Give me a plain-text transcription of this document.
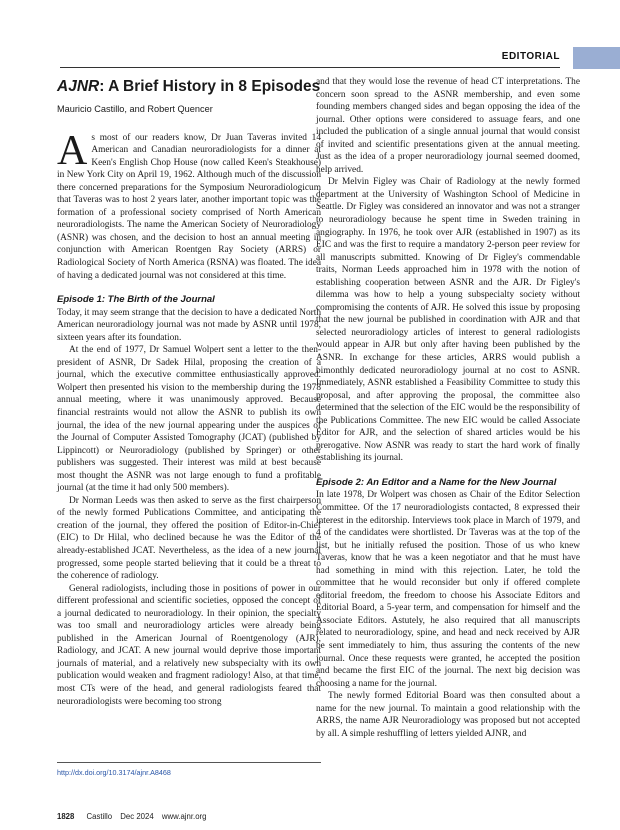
EDITORIAL
AJNR: A Brief History in 8 Episodes
Mauricio Castillo, and Robert Quencer

As most of our readers know, Dr Juan Taveras invited 14 American and Canadian neuroradiologists for a dinner at Keen's English Chop House (now called Keen's Steakhouse) in New York City on April 19, 1962. Although much of the discussion there concerned preparations for the Symposium Neuroradiologicum that Taveras was to host 2 years later, another important topic was the formation of a professional society comprised of North American neuroradiologists. The name the American Society of Neuroradiology (ASNR) was chosen, and the decision to host an annual meeting in conjunction with American Roentgen Ray Society (ARRS) or Radiological Society of North America (RSNA) was floated. The idea of having a dedicated journal was not considered at this time.

Episode 1: The Birth of the Journal

Today, it may seem strange that the decision to have a dedicated North American neuroradiology journal was not made by ASNR until 1978, sixteen years after its foundation.

At the end of 1977, Dr Samuel Wolpert sent a letter to the then-president of ASNR, Dr Sadek Hilal, proposing the creation of a journal, which the executive committee enthusiastically approved. Wolpert then presented his vision to the membership during the 1978 annual meeting, where it was unanimously approved. Because financial restraints would not allow the ASNR to publish its own journal, the idea of the new journal appearing under the auspices of the Journal of Computer Assisted Tomography (JCAT) (published by Lippincott) or Neuroradiology (published by Springer) or other publishers was suggested. Their interest was mild at best because most thought the ASNR was not large enough to fund a profitable journal (at the time it had only 500 members).

Dr Norman Leeds was then asked to serve as the first chairperson of the newly formed Publications Committee, and anticipating the creation of the journal, they offered the position of Editor-in-Chief (EIC) to Dr Hilal, who declined because he was the Editor of the already-established JCAT. Nevertheless, as the idea of a new journal progressed, some people started believing that it could be a threat to the coherence of radiology.

General radiologists, including those in positions of power in our different professional and scientific societies, opposed the concept of a journal dedicated to neuroradiology. In their opinion, the specialty was too small and neuroradiology articles were already being published in the American Journal of Roentgenology (AJR), Radiology, and JCAT. A new journal would deprive those important journals of material, and a relatively new subspecialty with its own publication would weaken and fragment radiology! Also, at that time, most CTs were of the head, and general radiologists feared that neuroradiologists were becoming too strong

and that they would lose the revenue of head CT interpretations. The concern soon spread to the ASNR membership, and even some founding members changed sides and began opposing the idea of the journal. Other options were considered to assuage fears, and one included the publication of a single annual journal that would consist of invited and scientific presentations given at the annual meeting. Just as the idea of a proper neuroradiology journal seemed doomed, help arrived.

Dr Melvin Figley was Chair of Radiology at the newly formed department at the University of Washington School of Medicine in Seattle. Dr Figley was considered an innovator and was not a stranger to neuroradiology because he spent time in Sweden training in angiography. In 1976, he took over AJR (established in 1907) as its EIC and was the first to require a mandatory 2-person peer review for all manuscripts submitted. Knowing of Dr Figley's commendable traits, Norman Leeds approached him in 1978 with the notion of establishing cooperation between ASNR and the AJR. Dr Figley's dilemma was how to help a young subspecialty society without compromising the contents of AJR. He solved this issue by proposing that the new journal be published in coordination with AJR and that selected neuroradiology articles of interest to general radiologists would appear in AJR but only after having been published by the ASNR. In exchange for these articles, ARRS would publish a bimonthly dedicated neuroradiology journal at no cost to ASNR. Immediately, ASNR established a Feasibility Committee to study this proposal, and after approving the proposal, the committee also determined that the selection of the EIC would be the responsibility of the Publications Committee. The new EIC would be called Associate Editor for AJR, and the selection of shared articles would be his prerogative. Now ASNR was ready to start the hard work of finally establishing its journal.

Episode 2: An Editor and a Name for the New Journal

In late 1978, Dr Wolpert was chosen as Chair of the Editor Selection Committee. Of the 17 neuroradiologists contacted, 8 expressed their interest in the editorship. Interviews took place in March of 1979, and 4 of the candidates were shortlisted. Dr Taveras was at the top of the list, but he initially refused the position. Those of us who knew Taveras, know that he was a keen negotiator and that he must have had something in mind with this rejection. Later, he told the committee that he would reconsider but only if offered complete editorial freedom, the freedom to choose his Associate Editors and Editorial Board, a 5-year term, and compensation for himself and the Associate Editors. Astutely, he also required that all manuscripts related to neuroradiology, spine, and head and neck received by AJR be sent immediately to him, thus assuring the contents of the new journal. Once these requests were granted, he accepted the position and became the first EIC of the journal. The next big decision was choosing a name for the journal.

The newly formed Editorial Board was then consulted about a name for the new journal. To maintain a good relationship with the ARRS, the name AJR Neuroradiology was proposed but not accepted by all. A simple reshuffling of letters yielded AJNR, and

http://dx.doi.org/10.3174/ajnr.A8468
1828 Castillo Dec 2024 www.ajnr.org
